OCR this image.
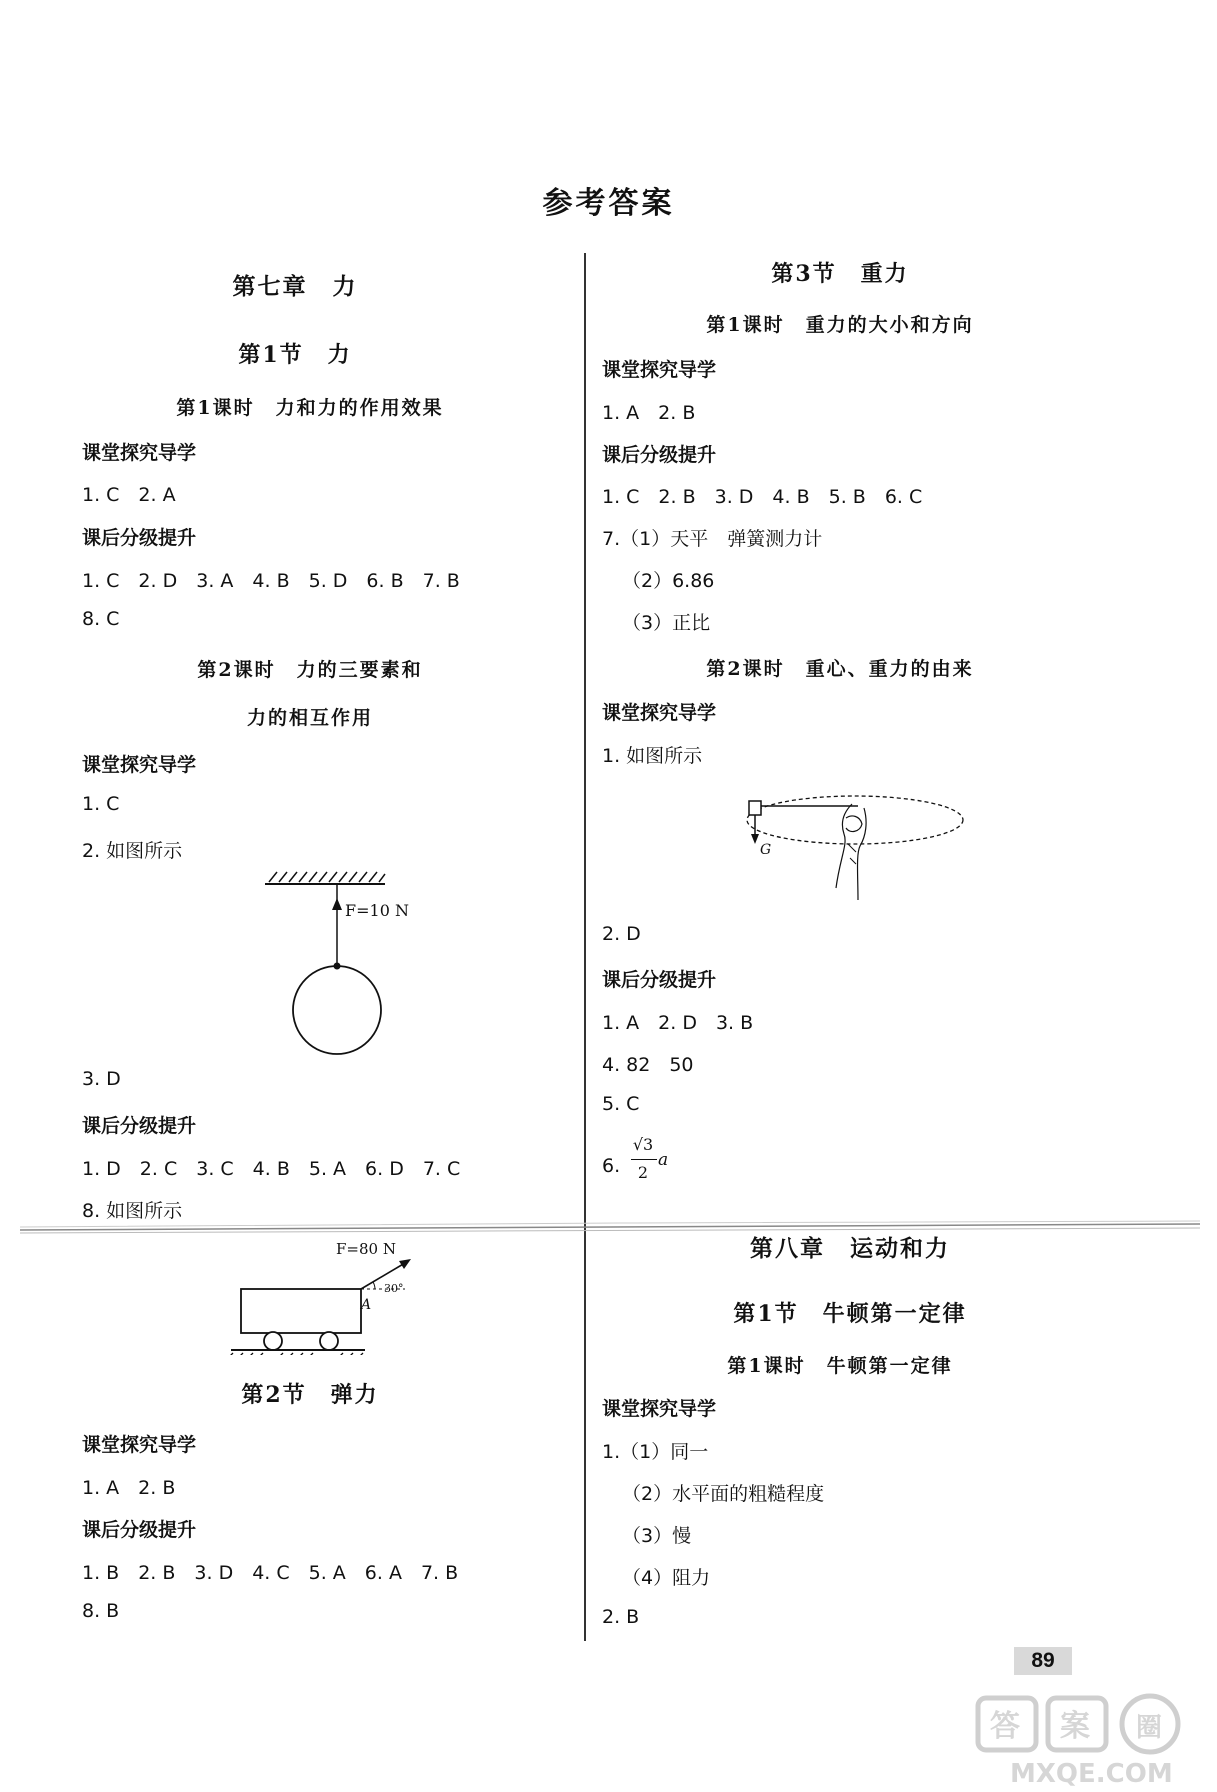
参考答案
第七章　力
第1节　力
第1课时　力和力的作用效果
课堂探究导学
1. C　2. A
课后分级提升
1. C　2. D　3. A　4. B　5. D　6. B　7. B
8. C
第2课时　力的三要素和
力的相互作用
课堂探究导学
1. C
2. 如图所示
F=10 N
3. D
课后分级提升
1. D　2. C　3. C　4. B　5. A　6. D　7. C
8. 如图所示
F=80 N
30°
A
第2节　弹力
课堂探究导学
1. A　2. B
课后分级提升
1. B　2. B　3. D　4. C　5. A　6. A　7. B
8. B
第3节　重力
第1课时　重力的大小和方向
课堂探究导学
1. A　2. B
课后分级提升
1. C　2. B　3. D　4. B　5. B　6. C
7.（1）天平　弹簧测力计
（2）6.86
（3）正比
第2课时　重心、重力的由来
课堂探究导学
1. 如图所示
G
2. D
课后分级提升
1. A　2. D　3. B
4. 82　50
5. C
6.
√3
2
a
第八章　运动和力
第1节　牛顿第一定律
第1课时　牛顿第一定律
课堂探究导学
1.（1）同一
（2）水平面的粗糙程度
（3）慢
（4）阻力
2. B
89
答 案 圈
MXQE.COM
